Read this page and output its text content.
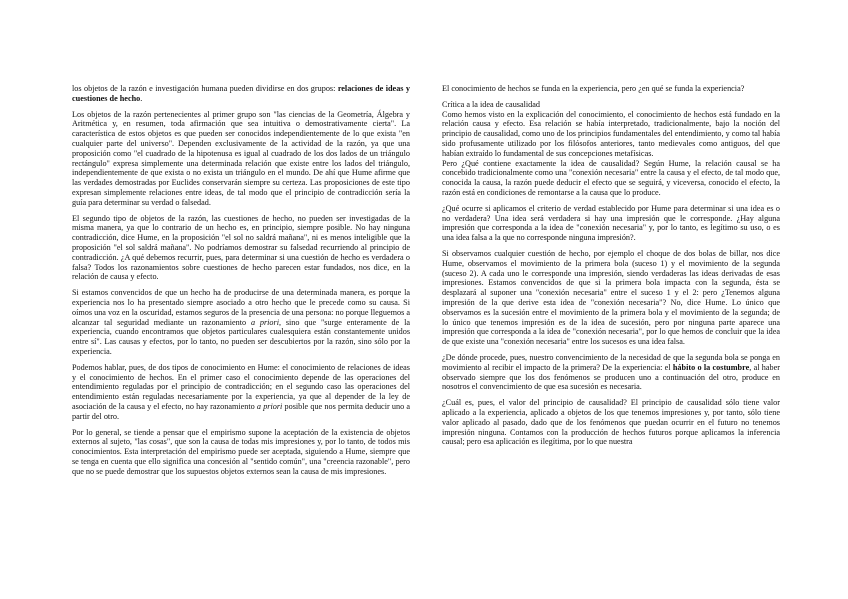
los objetos de la razón e investigación humana pueden dividirse en dos grupos: relaciones de ideas y cuestiones de hecho.

Los objetos de la razón pertenecientes al primer grupo son "las ciencias de la Geometría, Álgebra y Aritmética y, en resumen, toda afirmación que sea intuitiva o demostrativamente cierta". La característica de estos objetos es que pueden ser conocidos independientemente de lo que exista "en cualquier parte del universo". Dependen exclusivamente de la actividad de la razón, ya que una proposición como "el cuadrado de la hipotenusa es igual al cuadrado de los dos lados de un triángulo rectángulo" expresa simplemente una determinada relación que existe entre los lados del triángulo, independientemente de que exista o no exista un triángulo en el mundo. De ahí que Hume afirme que las verdades demostradas por Euclides conservarán siempre su certeza. Las proposiciones de este tipo expresan simplemente relaciones entre ideas, de tal modo que el principio de contradicción sería la guía para determinar su verdad o falsedad.

El segundo tipo de objetos de la razón, las cuestiones de hecho, no pueden ser investigadas de la misma manera, ya que lo contrario de un hecho es, en principio, siempre posible. No hay ninguna contradicción, dice Hume, en la proposición "el sol no saldrá mañana", ni es menos inteligible que la proposición "el sol saldrá mañana". No podríamos demostrar su falsedad recurriendo al principio de contradicción. ¿A qué debemos recurrir, pues, para determinar si una cuestión de hecho es verdadera o falsa? Todos los razonamientos sobre cuestiones de hecho parecen estar fundados, nos dice, en la relación de causa y efecto.

Si estamos convencidos de que un hecho ha de producirse de una determinada manera, es porque la experiencia nos lo ha presentado siempre asociado a otro hecho que le precede como su causa. Si oímos una voz en la oscuridad, estamos seguros de la presencia de una persona: no porque lleguemos a alcanzar tal seguridad mediante un razonamiento a priori, sino que "surge enteramente de la experiencia, cuando encontramos que objetos particulares cualesquiera están constantemente unidos entre sí". Las causas y efectos, por lo tanto, no pueden ser descubiertos por la razón, sino sólo por la experiencia.

Podemos hablar, pues, de dos tipos de conocimiento en Hume: el conocimiento de relaciones de ideas y el conocimiento de hechos. En el primer caso el conocimiento depende de las operaciones del entendimiento reguladas por el principio de contradicción; en el segundo caso las operaciones del entendimiento están reguladas necesariamente por la experiencia, ya que al depender de la ley de asociación de la causa y el efecto, no hay razonamiento a priori posible que nos permita deducir uno a partir del otro.

Por lo general, se tiende a pensar que el empirismo supone la aceptación de la existencia de objetos externos al sujeto, "las cosas", que son la causa de todas mis impresiones y, por lo tanto, de todos mis conocimientos. Esta interpretación del empirismo puede ser aceptada, siguiendo a Hume, siempre que se tenga en cuenta que ello significa una concesión al "sentido común", una "creencia razonable", pero que no se puede demostrar que los supuestos objetos externos sean la causa de mis impresiones.

El conocimiento de hechos se funda en la experiencia, pero ¿en qué se funda la experiencia?

Crítica a la idea de causalidad

Como hemos visto en la explicación del conocimiento, el conocimiento de hechos está fundado en la relación causa y efecto. Esa relación se había interpretado, tradicionalmente, bajo la noción del principio de causalidad, como uno de los principios fundamentales del entendimiento, y como tal había sido profusamente utilizado por los filósofos anteriores, tanto medievales como antiguos, del que habían extraído lo fundamental de sus concepciones metafísicas.

Pero ¿Qué contiene exactamente la idea de causalidad? Según Hume, la relación causal se ha concebido tradicionalmente como una "conexión necesaria" entre la causa y el efecto, de tal modo que, conocida la causa, la razón puede deducir el efecto que se seguirá, y viceversa, conocido el efecto, la razón está en condiciones de remontarse a la causa que lo produce.

¿Qué ocurre si aplicamos el criterio de verdad establecido por Hume para determinar si una idea es o no verdadera? Una idea será verdadera si hay una impresión que le corresponde. ¿Hay alguna impresión que corresponda a la idea de "conexión necesaria" y, por lo tanto, es legítimo su uso, o es una idea falsa a la que no corresponde ninguna impresión?.

Si observamos cualquier cuestión de hecho, por ejemplo el choque de dos bolas de billar, nos dice Hume, observamos el movimiento de la primera bola (suceso 1) y el movimiento de la segunda (suceso 2). A cada uno le corresponde una impresión, siendo verdaderas las ideas derivadas de esas impresiones. Estamos convencidos de que si la primera bola impacta con la segunda, ésta se desplazará al suponer una "conexión necesaria" entre el suceso 1 y el 2: pero ¿Tenemos alguna impresión de la que derive esta idea de "conexión necesaria"? No, dice Hume. Lo único que observamos es la sucesión entre el movimiento de la primera bola y el movimiento de la segunda; de lo único que tenemos impresión es de la idea de sucesión, pero por ninguna parte aparece una impresión que corresponda a la idea de "conexión necesaria", por lo que hemos de concluir que la idea de que existe una "conexión necesaria" entre los sucesos es una idea falsa.

¿De dónde procede, pues, nuestro convencimiento de la necesidad de que la segunda bola se ponga en movimiento al recibir el impacto de la primera? De la experiencia: el hábito o la costumbre, al haber observado siempre que los dos fenómenos se producen uno a continuación del otro, produce en nosotros el convencimiento de que esa sucesión es necesaria.

¿Cuál es, pues, el valor del principio de causalidad? El principio de causalidad sólo tiene valor aplicado a la experiencia, aplicado a objetos de los que tenemos impresiones y, por tanto, sólo tiene valor aplicado al pasado, dado que de los fenómenos que puedan ocurrir en el futuro no tenemos impresión ninguna. Contamos con la producción de hechos futuros porque aplicamos la inferencia causal; pero esa aplicación es ilegítima, por lo que nuestra
